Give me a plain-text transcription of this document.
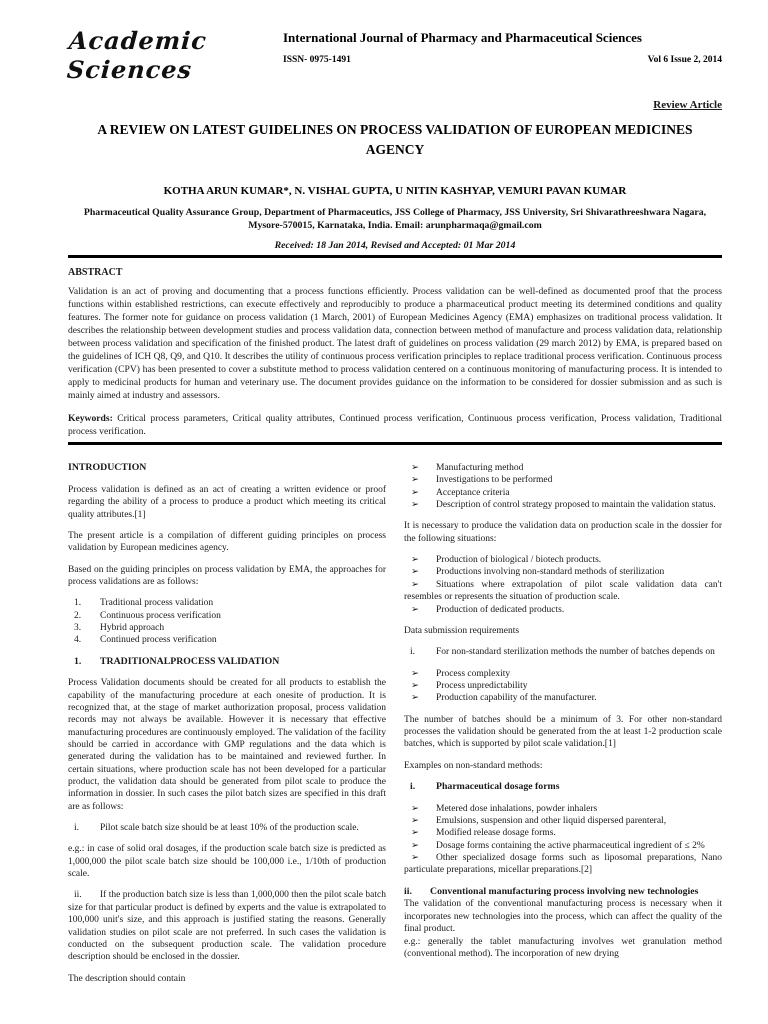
Academic Sciences
International Journal of Pharmacy and Pharmaceutical Sciences
ISSN- 0975-1491	Vol 6 Issue 2, 2014
Review Article
A REVIEW ON LATEST GUIDELINES ON PROCESS VALIDATION OF EUROPEAN MEDICINES AGENCY
KOTHA ARUN KUMAR*, N. VISHAL GUPTA, U NITIN KASHYAP, VEMURI PAVAN KUMAR
Pharmaceutical Quality Assurance Group, Department of Pharmaceutics, JSS College of Pharmacy, JSS University, Sri Shivarathreeshwara Nagara, Mysore-570015, Karnataka, India. Email: arunpharmaqa@gmail.com
Received: 18 Jan 2014, Revised and Accepted: 01 Mar 2014
ABSTRACT
Validation is an act of proving and documenting that a process functions efficiently. Process validation can be well-defined as documented proof that the process functions within established restrictions, can execute effectively and reproducibly to produce a pharmaceutical product meeting its determined conditions and quality features. The former note for guidance on process validation (1 March, 2001) of European Medicines Agency (EMA) emphasizes on traditional process validation. It describes the relationship between development studies and process validation data, connection between method of manufacture and process validation data, relationship between process validation and specification of the finished product. The latest draft of guidelines on process validation (29 march 2012) by EMA, is prepared based on the guidelines of ICH Q8, Q9, and Q10. It describes the utility of continuous process verification principles to replace traditional process verification. Continuous process verification (CPV) has been presented to cover a substitute method to process validation centered on a continuous monitoring of manufacturing process. It is intended to apply to medicinal products for human and veterinary use. The document provides guidance on the information to be considered for dossier submission and as such is mainly aimed at industry and assessors.
Keywords: Critical process parameters, Critical quality attributes, Continued process verification, Continuous process verification, Process validation, Traditional process verification.
INTRODUCTION

Process validation is defined as an act of creating a written evidence or proof regarding the ability of a process to produce a product which meeting its critical quality attributes.[1]

The present article is a compilation of different guiding principles on process validation by European medicines agency.

Based on the guiding principles on process validation by EMA, the approaches for process validations are as follows:

1. Traditional process validation
2. Continuous process verification
3. Hybrid approach
4. Continued process verification
1. TRADITIONALPROCESS VALIDATION

Process Validation documents should be created for all products to establish the capability of the manufacturing procedure at each onesite of production. It is recognized that, at the stage of market authorization proposal, process validation records may not always be available. However it is necessary that effective manufacturing procedures are continuously employed. The validation of the facility should be carried in accordance with GMP regulations and the data which is generated during the validation has to be maintained and reviewed further. In certain situations, where production scale has not been developed for a particular product, the validation data should be generated from pilot scale to produce the information in dossier. In such cases the pilot batch sizes are specified in this draft are as follows:

i. Pilot scale batch size should be at least 10% of the production scale.

e.g.: in case of solid oral dosages, if the production scale batch size is predicted as 1,000,000 the pilot scale batch size should be 100,000 i.e., 1/10th of production scale.

ii. If the production batch size is less than 1,000,000 then the pilot scale batch size for that particular product is defined by experts and the value is extrapolated to 100,000 unit's size, and this approach is justified stating the reasons. Generally validation studies on pilot scale are not preferred. In such cases the validation is conducted on the subsequent production scale. The validation procedure description should be enclosed in the dossier.

The description should contain

➢ Manufacturing method
➢ Investigations to be performed
➢ Acceptance criteria
➢ Description of control strategy proposed to maintain the validation status.

It is necessary to produce the validation data on production scale in the dossier for the following situations:

➢ Production of biological / biotech products.
➢ Productions involving non-standard methods of sterilization
➢ Situations where extrapolation of pilot scale validation data can't resembles or represents the situation of production scale.
➢ Production of dedicated products.

Data submission requirements

i. For non-standard sterilization methods the number of batches depends on

➢ Process complexity
➢ Process unpredictability
➢ Production capability of the manufacturer.

The number of batches should be a minimum of 3. For other non-standard processes the validation should be generated from the at least 1-2 production scale batches, which is supported by pilot scale validation.[1]

Examples on non-standard methods:

i. Pharmaceutical dosage forms
➢ Metered dose inhalations, powder inhalers
➢ Emulsions, suspension and other liquid dispersed parenteral,
➢ Modified release dosage forms.
➢ Dosage forms containing the active pharmaceutical ingredient of ≤ 2%
➢ Other specialized dosage forms such as liposomal preparations, Nano particulate preparations, micellar preparations.[2]
ii. Conventional manufacturing process involving new technologies

The validation of the conventional manufacturing process is necessary when it incorporates new technologies into the process, which can affect the quality of the final product.

e.g.: generally the tablet manufacturing involves wet granulation method (conventional method). The incorporation of new drying
